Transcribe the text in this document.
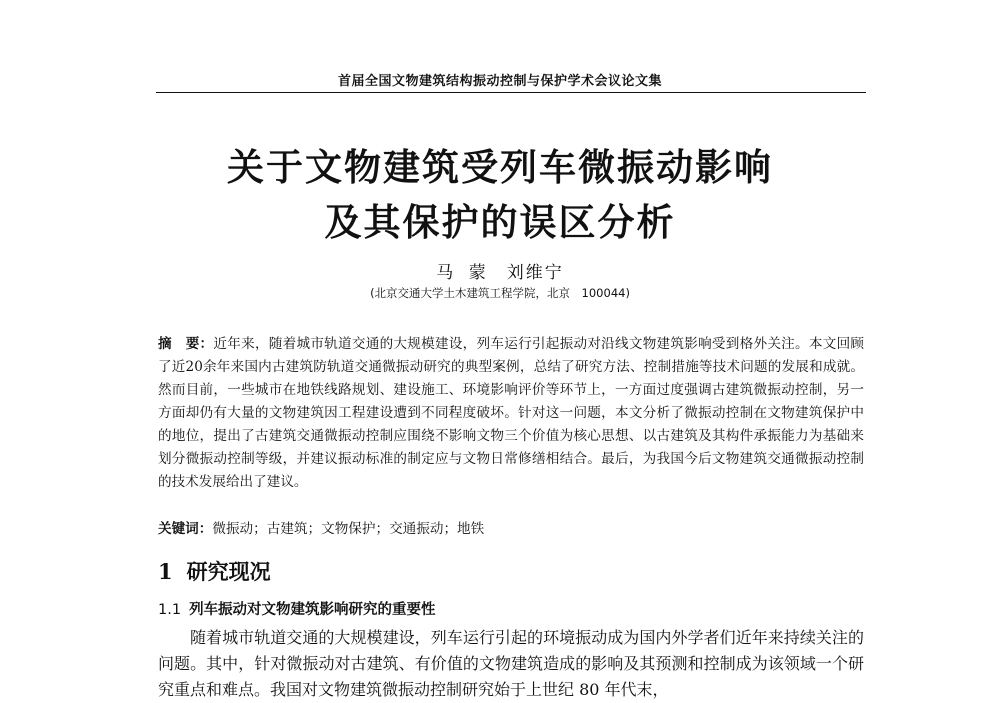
首届全国文物建筑结构振动控制与保护学术会议论文集
关于文物建筑受列车微振动影响
及其保护的误区分析
马 蒙　刘维宁
(北京交通大学土木建筑工程学院，北京　100044)
摘　要：近年来，随着城市轨道交通的大规模建设，列车运行引起振动对沿线文物建筑影响受到格外关注。本文回顾了近20余年来国内古建筑防轨道交通微振动研究的典型案例，总结了研究方法、控制措施等技术问题的发展和成就。然而目前，一些城市在地铁线路规划、建设施工、环境影响评价等环节上，一方面过度强调古建筑微振动控制，另一方面却仍有大量的文物建筑因工程建设遭到不同程度破坏。针对这一问题，本文分析了微振动控制在文物建筑保护中的地位，提出了古建筑交通微振动控制应围绕不影响文物三个价值为核心思想、以古建筑及其构件承振能力为基础来划分微振动控制等级，并建议振动标准的制定应与文物日常修缮相结合。最后，为我国今后文物建筑交通微振动控制的技术发展给出了建议。
关键词：微振动；古建筑；文物保护；交通振动；地铁
1 研究现况
1.1 列车振动对文物建筑影响研究的重要性
随着城市轨道交通的大规模建设，列车运行引起的环境振动成为国内外学者们近年来持续关注的问题。其中，针对微振动对古建筑、有价值的文物建筑造成的影响及其预测和控制成为该领域一个研究重点和难点。我国对文物建筑微振动控制研究始于上世纪 80 年代末，
